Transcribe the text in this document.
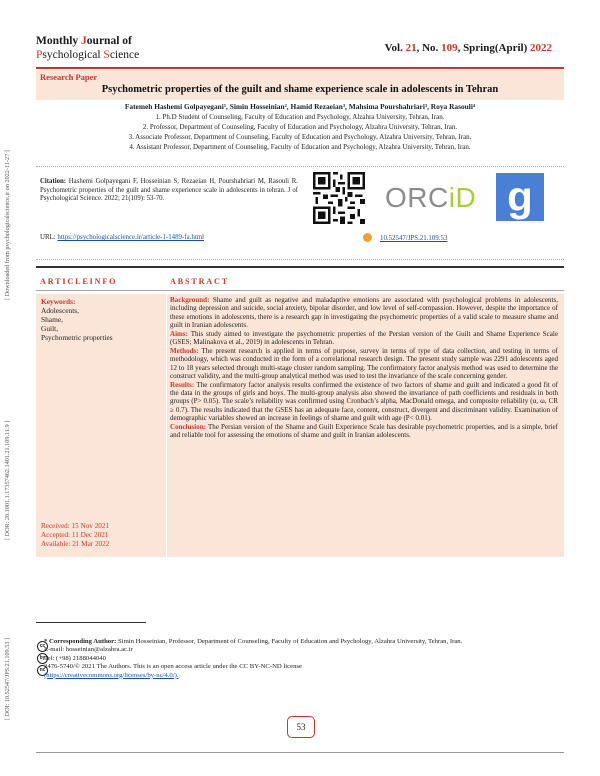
[ Downloaded from psychologicalscience.ir on 2022-11-27 ]
[ DOR: 20.1001.1.17357462.1401.21.109.11.9 ]
[ DOI: 10.52547/JPS.21.109.53 ]
Monthly Journal of
Psychological Science
Vol. 21, No. 109, Spring(April) 2022
Research Paper
Psychometric properties of the guilt and shame experience scale in adolescents in Tehran
Fatemeh Hashemi Golpayegani¹, Simin Hosseinian², Hamid Rezaeian³, Mahsima Pourshahriari³, Roya Rasouli⁴
1. Ph.D Student of Counseling, Faculty of Education and Psychology, Alzahra University, Tehran, Iran.
2. Professor, Department of Counseling, Faculty of Education and Psychology, Alzahra University, Tehran, Iran.
3. Associate Professor, Department of Counseling, Faculty of Education and Psychology, Alzahra University, Tehran, Iran.
4. Assistant Professor, Department of Counseling, Faculty of Education and Psychology, Alzahra University, Tehran, Iran.
Citation: Hashemi Golpayegani F, Hosseinian S, Rezaeian H, Pourshahriari M, Rasouli R. Psychometric properties of the guilt and shame experience scale in adolescents in tehran. J of Psychological Science. 2022; 21(109): 53-70.
URL: https://psychologicalscience.ir/article-1-1489-fa.html
ORCiD g
10.52547/JPS.21.109.53
ARTICLEINFO	ABSTRACT
Keywords:
Adolescents,
Shame,
Guilt,
Psychometric properties
Received: 15 Nov 2021
Accepted: 11 Dec 2021
Available: 21 Mar 2022

Background: Shame and guilt as negative and maladaptive emotions are associated with psychological problems in adolescents, including depression and suicide, social anxiety, bipolar disorder, and low level of self-compassion. However, despite the importance of these emotions in adolescents, there is a research gap in investigating the psychometric properties of a valid scale to measure shame and guilt in Iranian adolescents.

Aims: This study aimed to investigate the psychometric properties of the Persian version of the Guilt and Shame Experience Scale (GSES; Malinakova et al., 2019) in adolescents in Tehran.

Methods: The present research is applied in terms of purpose, survey in terms of type of data collection, and testing in terms of methodology, which was conducted in the form of a correlational research design. The present study sample was 2291 adolescents aged 12 to 18 years selected through multi-stage cluster random sampling. The confirmatory factor analysis method was used to determine the construct validity, and the multi-group analytical method was used to test the invariance of the scale concerning gender.

Results: The confirmatory factor analysis results confirmed the existence of two factors of shame and guilt and indicated a good fit of the data in the groups of girls and boys. The multi-group analysis also showed the invariance of path coefficients and residuals in both groups (P> 0.05). The scale’s reliability was confirmed using Cronbach’s alpha, MacDonald omega, and composite reliability (α, ω, CR ≥ 0.7). The results indicated that the GSES has an adequate face, content, construct, divergent and discriminant validity. Examination of demographic variables showed an increase in feelings of shame and guilt with age (P< 0.01).

Conclusion: The Persian version of the Shame and Guilt Experience Scale has desirable psychometric properties, and is a simple, brief and reliable tool for assessing the emotions of shame and guilt in Iranian adolescents.

cc
by
nc
* Corresponding Author: Simin Hosseinian, Professor, Department of Counseling, Faculty of Education and Psychology, Alzahra University, Tehran, Iran.
E-mail: hosseinian@alzahra.ac.ir
Tel: (+98) 2188044040
2476-5740/© 2021 The Authors. This is an open access article under the CC BY-NC-ND license
(https://creativecommons.org/licenses/by-nc/4.0/).
53
